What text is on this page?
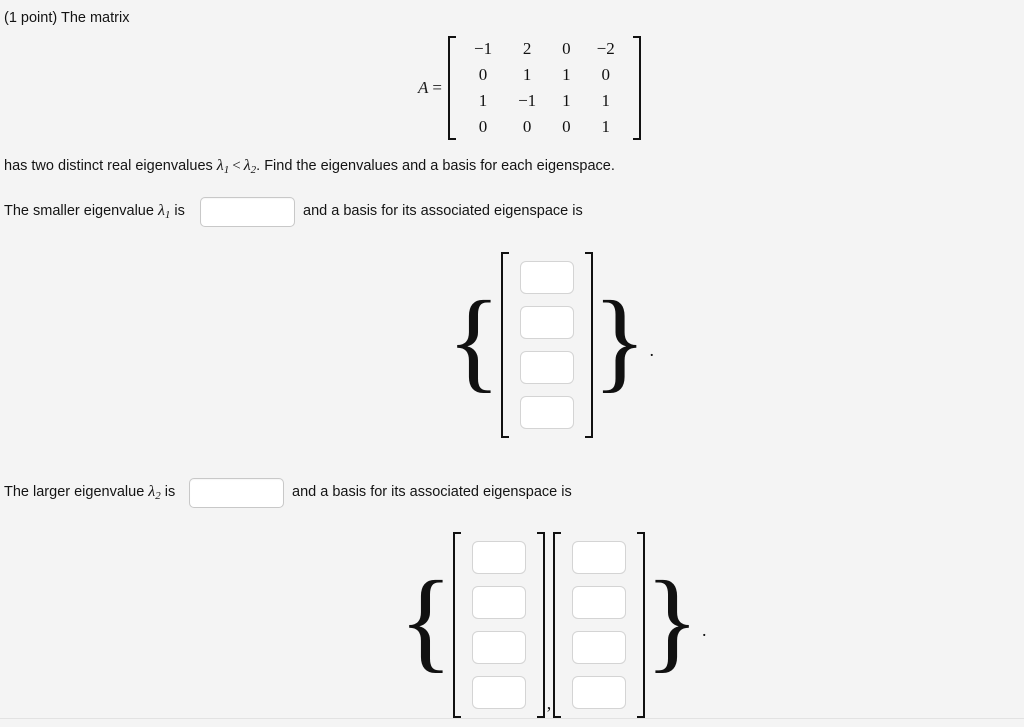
(1 point) The matrix
A =
−1	2	0	−2
0	1	1	0
1	−1	1	1
0	0	0	1
has two distinct real eigenvalues $\lambda_1 < \lambda_2$. Find the eigenvalues and a basis for each eigenspace.
The smaller eigenvalue $\lambda_1$ is	and a basis for its associated eigenspace is
{ } .
The larger eigenvalue $\lambda_2$ is	and a basis for its associated eigenspace is
{
,
} .
